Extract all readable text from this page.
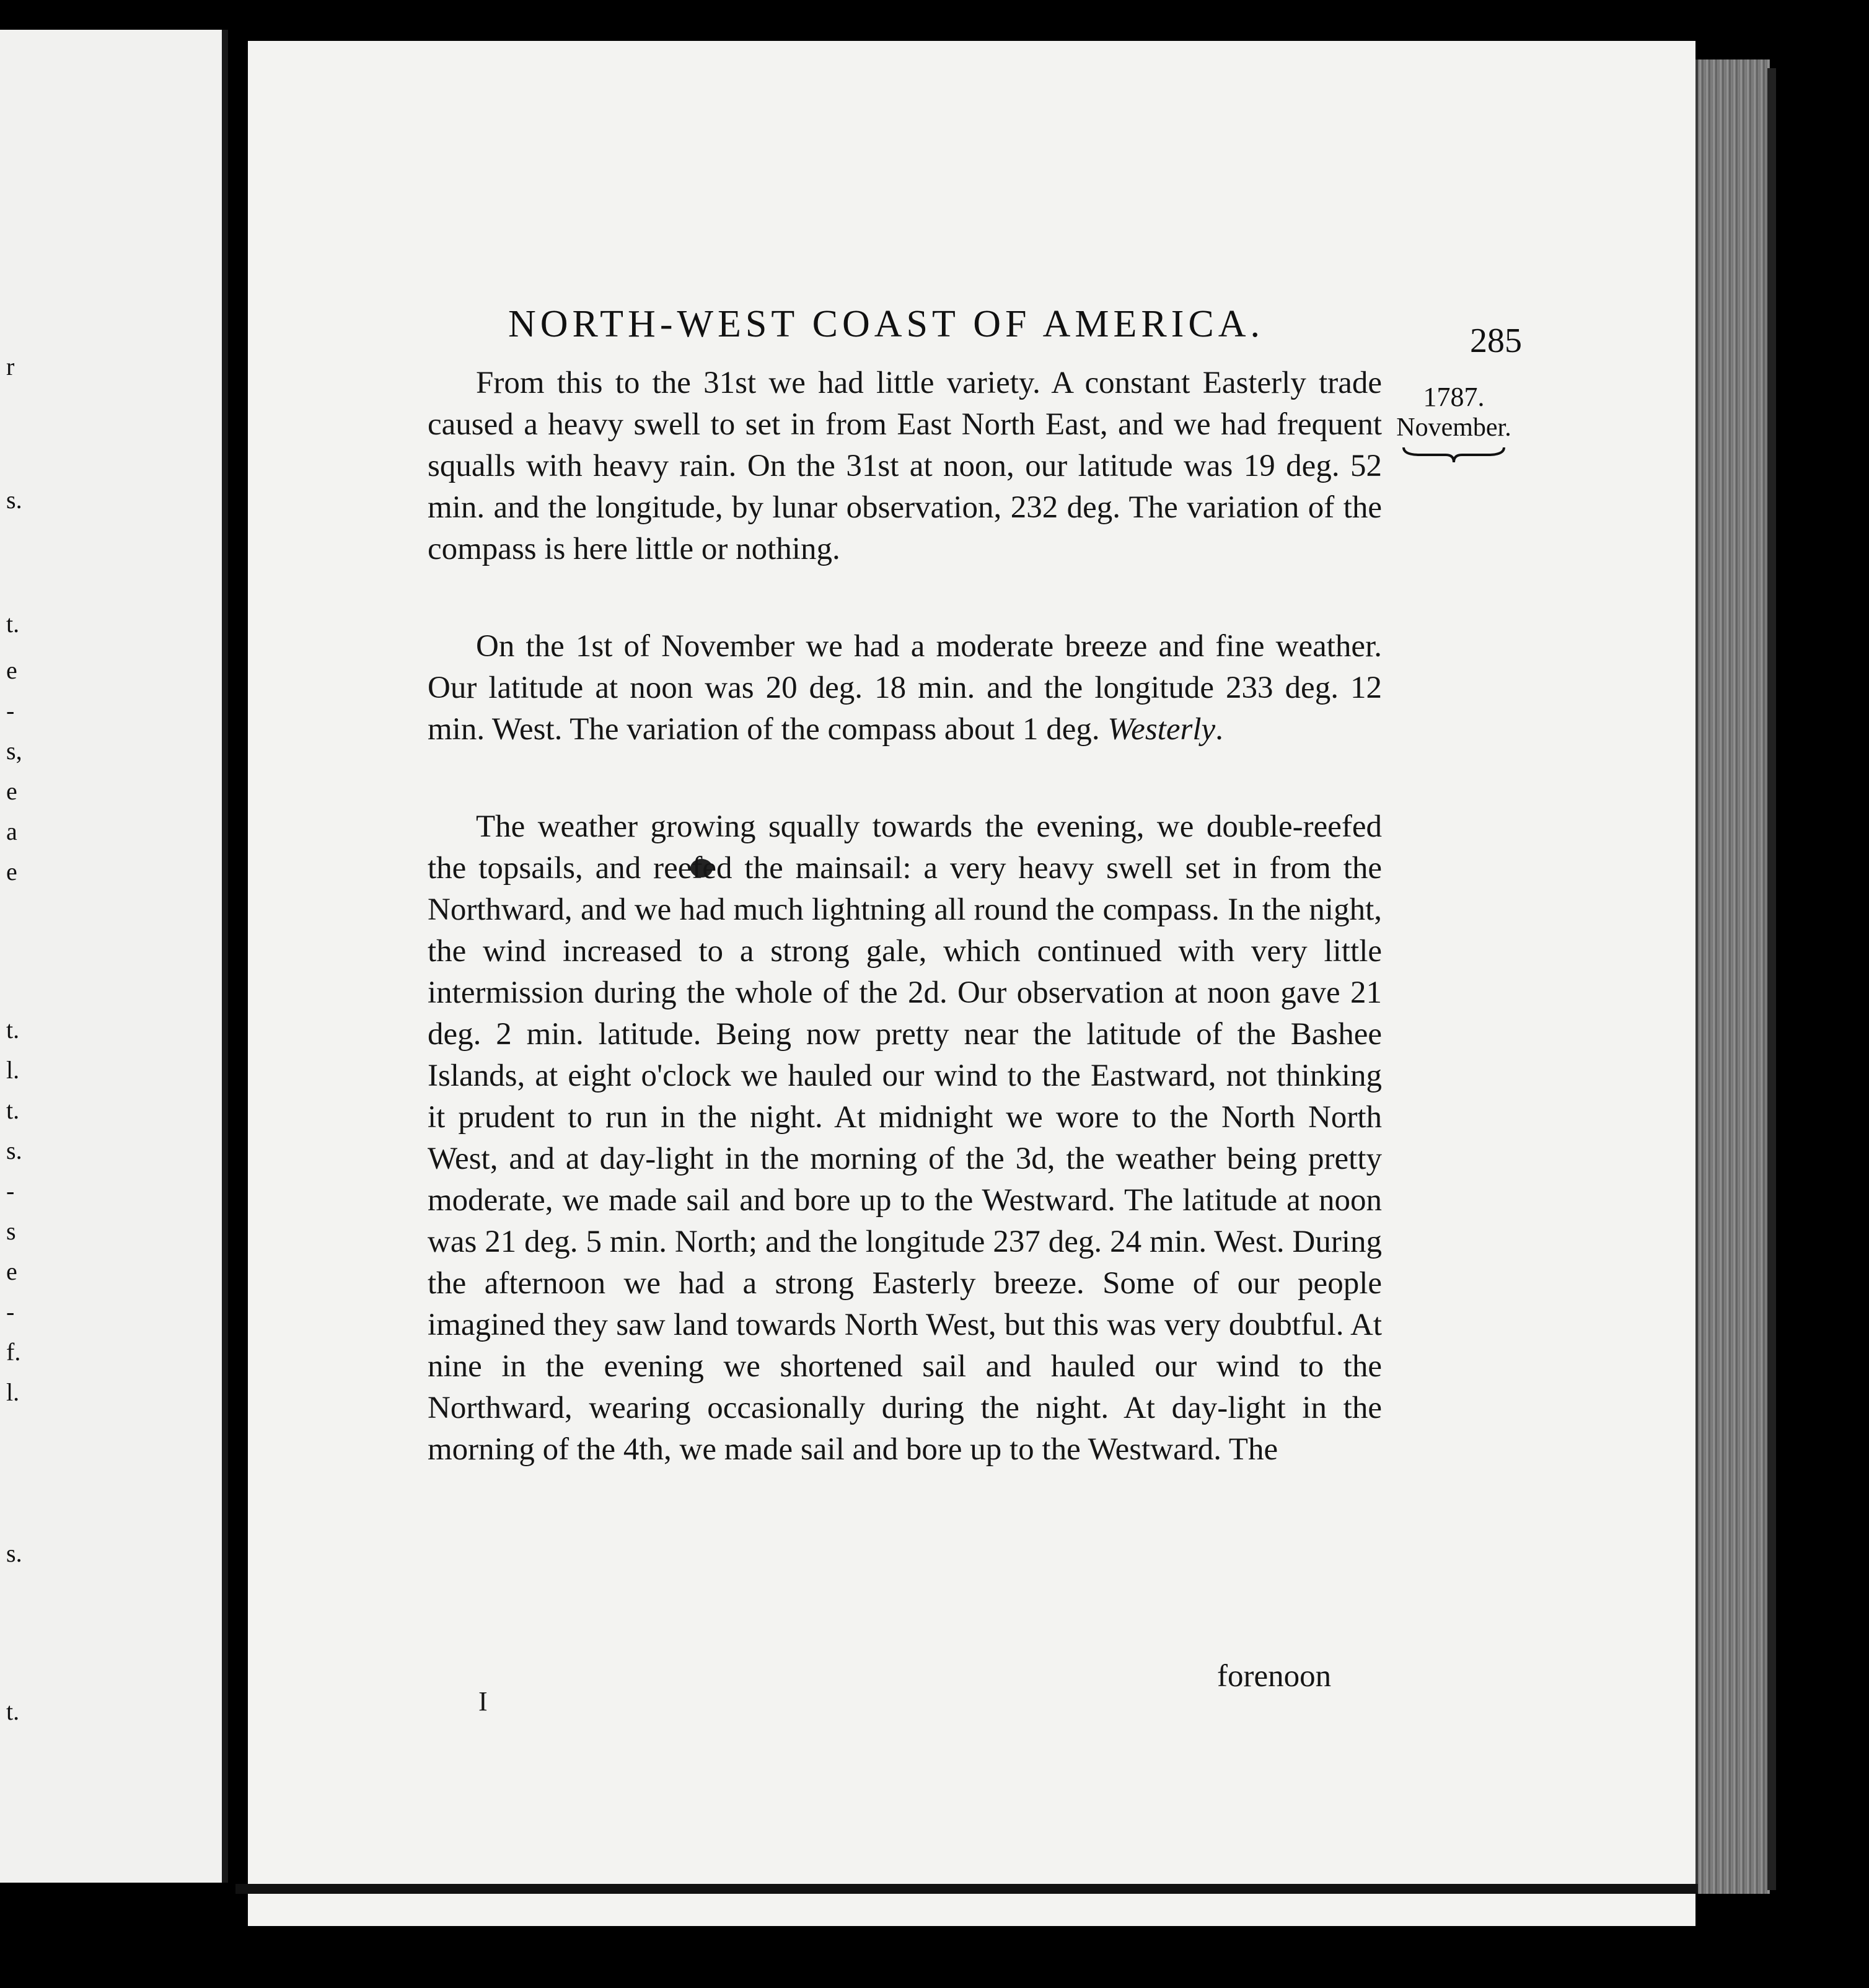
r
s.
t.
e
-
s,
e
a
e
t.
l.
t.
s.
-
s
e
-
f.
l.
s.
t.
NORTH-WEST COAST OF AMERICA.	285
1787.
November.

From this to the 31st we had little variety. A constant Easterly trade caused a heavy swell to set in from East North East, and we had frequent squalls with heavy rain. On the 31st at noon, our latitude was 19 deg. 52 min. and the longitude, by lunar observation, 232 deg. The variation of the compass is here little or nothing.

On the 1st of November we had a moderate breeze and fine weather. Our latitude at noon was 20 deg. 18 min. and the longitude 233 deg. 12 min. West. The variation of the compass about 1 deg. Westerly.

The weather growing squally towards the evening, we double-reefed the topsails, and reefed the mainsail: a very heavy swell set in from the Northward, and we had much lightning all round the compass. In the night, the wind increased to a strong gale, which continued with very little intermission during the whole of the 2d. Our observation at noon gave 21 deg. 2 min. latitude. Being now pretty near the latitude of the Bashee Islands, at eight o'clock we hauled our wind to the Eastward, not thinking it prudent to run in the night. At midnight we wore to the North North West, and at day-light in the morning of the 3d, the weather being pretty moderate, we made sail and bore up to the Westward. The latitude at noon was 21 deg. 5 min. North; and the longitude 237 deg. 24 min. West. During the afternoon we had a strong Easterly breeze. Some of our people imagined they saw land towards North West, but this was very doubtful. At nine in the evening we shortened sail and hauled our wind to the Northward, wearing occasionally during the night. At day-light in the morning of the 4th, we made sail and bore up to the Westward. The

I
forenoon
